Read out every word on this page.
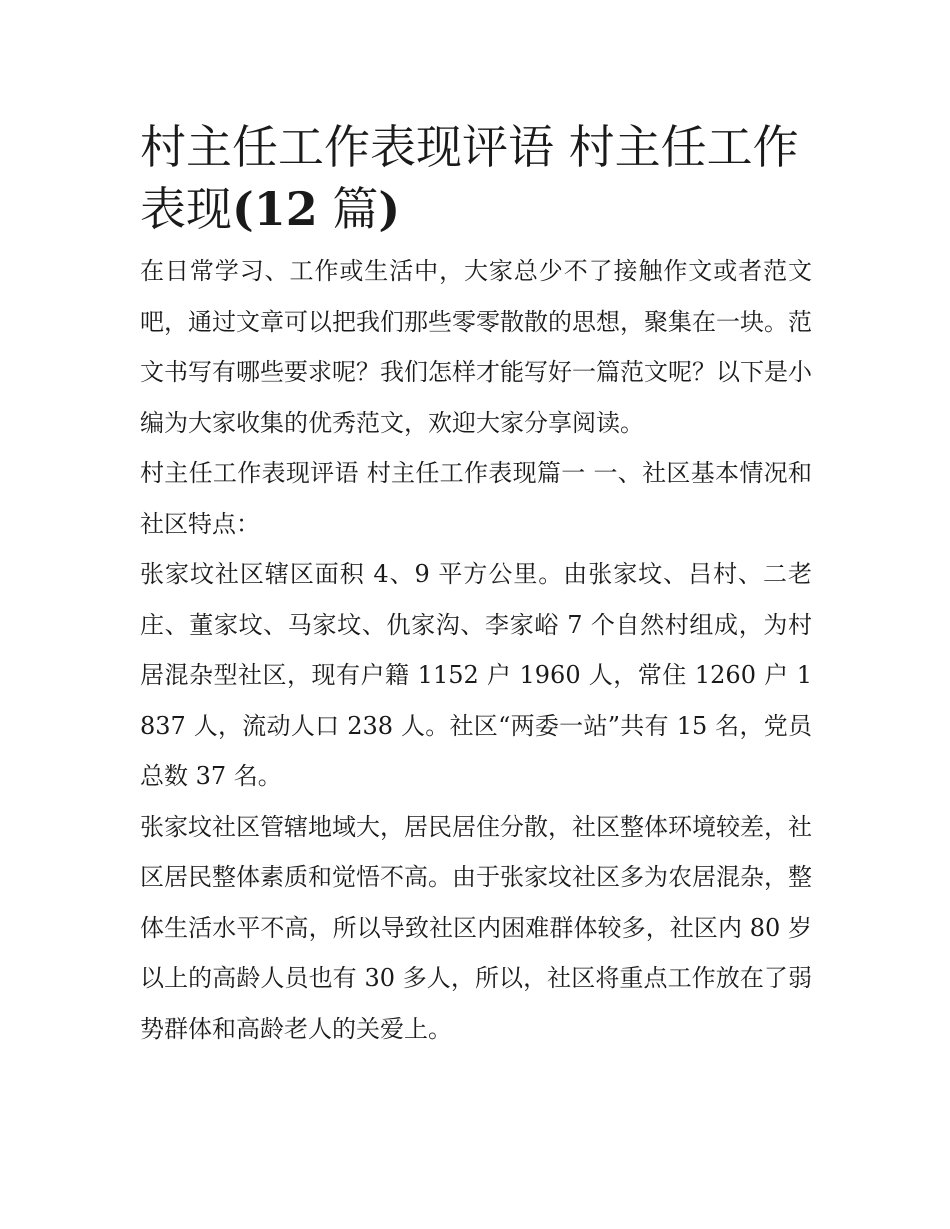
村主任工作表现评语 村主任工作表现(12 篇)

在日常学习、工作或生活中，大家总少不了接触作文或者范文吧，通过文章可以把我们那些零零散散的思想，聚集在一块。范文书写有哪些要求呢？我们怎样才能写好一篇范文呢？以下是小编为大家收集的优秀范文，欢迎大家分享阅读。

村主任工作表现评语 村主任工作表现篇一 一、社区基本情况和社区特点：

张家坟社区辖区面积 4、9 平方公里。由张家坟、吕村、二老庄、董家坟、马家坟、仇家沟、李家峪 7 个自然村组成，为村居混杂型社区，现有户籍 1152 户 1960 人，常住 1260 户 1837 人，流动人口 238 人。社区“两委一站”共有 15 名，党员总数 37 名。

张家坟社区管辖地域大，居民居住分散，社区整体环境较差，社区居民整体素质和觉悟不高。由于张家坟社区多为农居混杂，整体生活水平不高，所以导致社区内困难群体较多，社区内 80 岁以上的高龄人员也有 30 多人，所以，社区将重点工作放在了弱势群体和高龄老人的关爱上。
